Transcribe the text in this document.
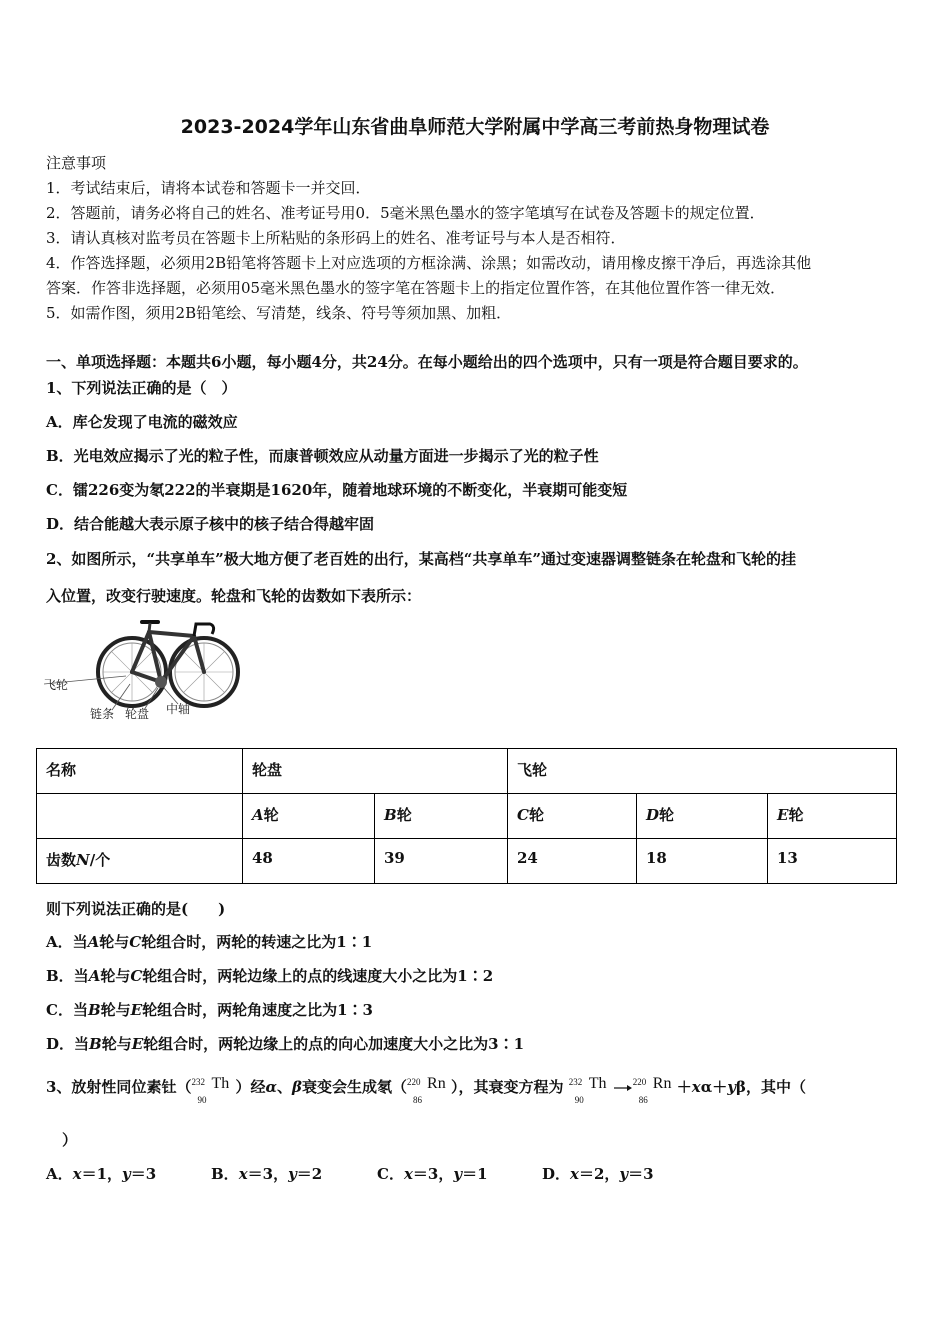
2023-2024学年山东省曲阜师范大学附属中学高三考前热身物理试卷
注意事项
1．考试结束后，请将本试卷和答题卡一并交回．
2．答题前，请务必将自己的姓名、准考证号用0．5毫米黑色墨水的签字笔填写在试卷及答题卡的规定位置．
3．请认真核对监考员在答题卡上所粘贴的条形码上的姓名、准考证号与本人是否相符．
4．作答选择题，必须用2B铅笔将答题卡上对应选项的方框涂满、涂黑；如需改动，请用橡皮擦干净后，再选涂其他
答案．作答非选择题，必须用05毫米黑色墨水的签字笔在答题卡上的指定位置作答，在其他位置作答一律无效．
5．如需作图，须用2B铅笔绘、写清楚，线条、符号等须加黑、加粗．
一、单项选择题：本题共6小题，每小题4分，共24分。在每小题给出的四个选项中，只有一项是符合题目要求的。
1、下列说法正确的是（　）
A．库仑发现了电流的磁效应
B．光电效应揭示了光的粒子性，而康普顿效应从动量方面进一步揭示了光的粒子性
C．镭226变为氡222的半衰期是1620年，随着地球环境的不断变化，半衰期可能变短
D．结合能越大表示原子核中的核子结合得越牢固
2、如图所示，“共享单车”极大地方便了老百姓的出行，某高档“共享单车”通过变速器调整链条在轮盘和飞轮的挂
入位置，改变行驶速度。轮盘和飞轮的齿数如下表所示：
飞轮
链条 轮盘 中轴
名称	轮盘		飞轮		
	A轮	B轮	C轮	D轮	E轮
齿数N/个	48	39	24	18	13
则下列说法正确的是(　　)
A．当A轮与C轮组合时，两轮的转速之比为1∶1
B．当A轮与C轮组合时，两轮边缘上的点的线速度大小之比为1∶2
C．当B轮与E轮组合时，两轮角速度之比为1∶3
D．当B轮与E轮组合时，两轮边缘上的点的向心加速度大小之比为3∶1
3、放射性同位素钍（ 232
90
Th ）经α、β衰变会生成氡（ 220
86
Rn ），其衰变方程为 232
90
Th	220
86
Rn ＋xα＋yβ，其中（
）
A．x＝1，y＝3	B．x＝3，y＝2	C．x＝3，y＝1	D．x＝2，y＝3
